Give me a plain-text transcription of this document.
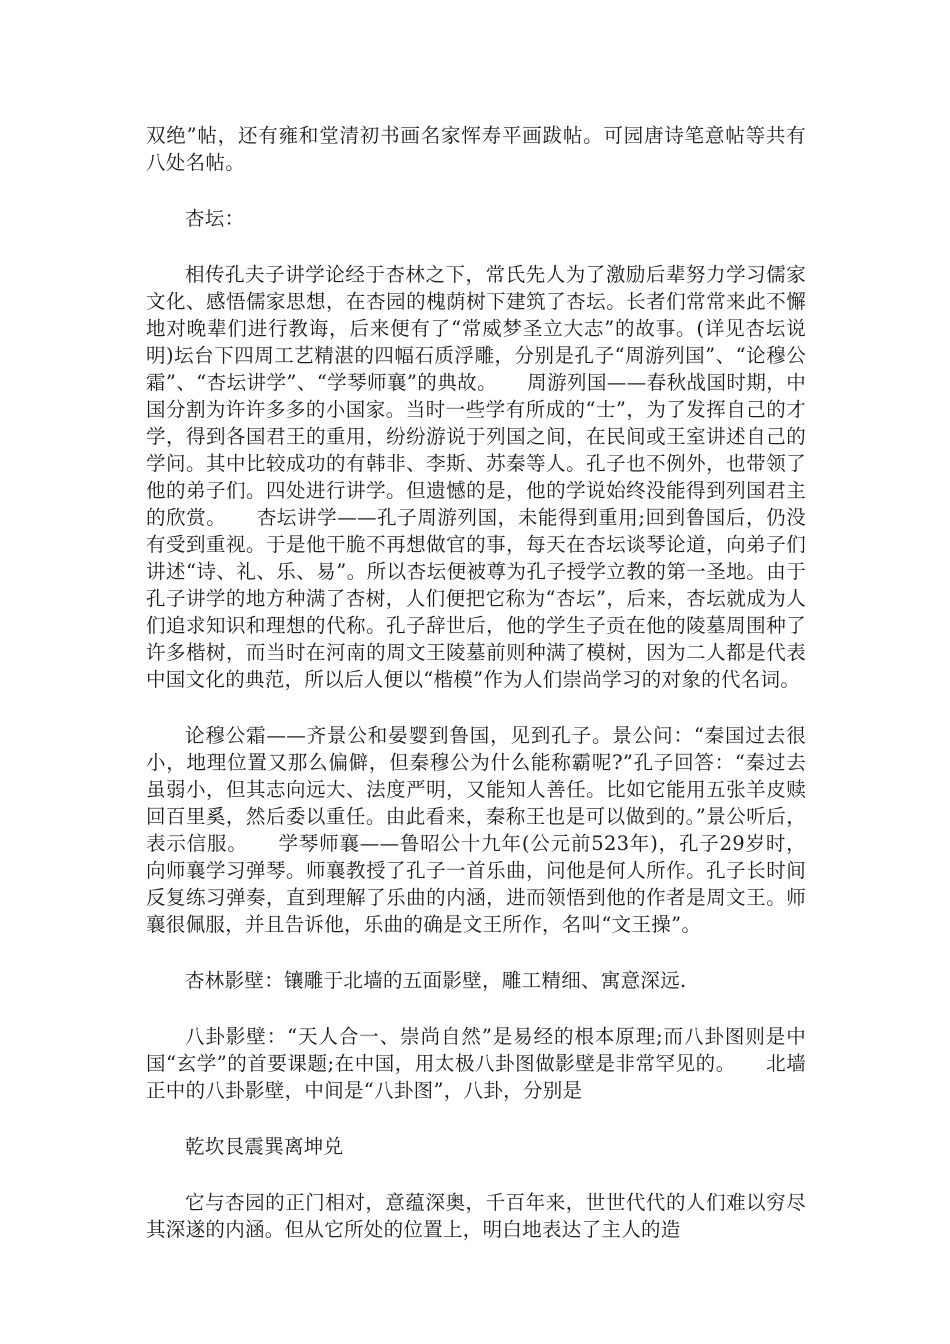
双绝”帖，还有雍和堂清初书画名家恽寿平画跋帖。可园唐诗笔意帖等共有八处名帖。

杏坛：

相传孔夫子讲学论经于杏林之下，常氏先人为了激励后辈努力学习儒家文化、感悟儒家思想，在杏园的槐荫树下建筑了杏坛。长者们常常来此不懈地对晚辈们进行教诲，后来便有了“常威梦圣立大志”的故事。(详见杏坛说明)坛台下四周工艺精湛的四幅石质浮雕，分别是孔子“周游列国”、“论穆公霜”、“杏坛讲学”、“学琴师襄”的典故。　　周游列国——春秋战国时期，中国分割为许许多多的小国家。当时一些学有所成的“士”，为了发挥自己的才学，得到各国君王的重用，纷纷游说于列国之间，在民间或王室讲述自己的学问。其中比较成功的有韩非、李斯、苏秦等人。孔子也不例外，也带领了他的弟子们。四处进行讲学。但遗憾的是，他的学说始终没能得到列国君主的欣赏。　　杏坛讲学——孔子周游列国，未能得到重用;回到鲁国后，仍没有受到重视。于是他干脆不再想做官的事，每天在杏坛谈琴论道，向弟子们讲述“诗、礼、乐、易”。所以杏坛便被尊为孔子授学立教的第一圣地。由于孔子讲学的地方种满了杏树，人们便把它称为“杏坛”，后来，杏坛就成为人们追求知识和理想的代称。孔子辞世后，他的学生子贡在他的陵墓周围种了许多楷树，而当时在河南的周文王陵墓前则种满了模树，因为二人都是代表中国文化的典范，所以后人便以“楷模”作为人们崇尚学习的对象的代名词。

论穆公霜——齐景公和晏婴到鲁国，见到孔子。景公问：“秦国过去很小，地理位置又那么偏僻，但秦穆公为什么能称霸呢?”孔子回答：“秦过去虽弱小，但其志向远大、法度严明，又能知人善任。比如它能用五张羊皮赎回百里奚，然后委以重任。由此看来，秦称王也是可以做到的。”景公听后，表示信服。　　学琴师襄——鲁昭公十九年(公元前523年)，孔子29岁时，向师襄学习弹琴。师襄教授了孔子一首乐曲，问他是何人所作。孔子长时间反复练习弹奏，直到理解了乐曲的内涵，进而领悟到他的作者是周文王。师襄很佩服，并且告诉他，乐曲的确是文王所作，名叫“文王操”。

杏林影壁：镶雕于北墙的五面影壁，雕工精细、寓意深远.

八卦影壁：“天人合一、崇尚自然”是易经的根本原理;而八卦图则是中国“玄学”的首要课题;在中国，用太极八卦图做影壁是非常罕见的。　　北墙正中的八卦影壁，中间是“八卦图”，八卦，分别是

乾坎艮震巽离坤兑

它与杏园的正门相对，意蕴深奥，千百年来，世世代代的人们难以穷尽其深遂的内涵。但从它所处的位置上，明白地表达了主人的造
